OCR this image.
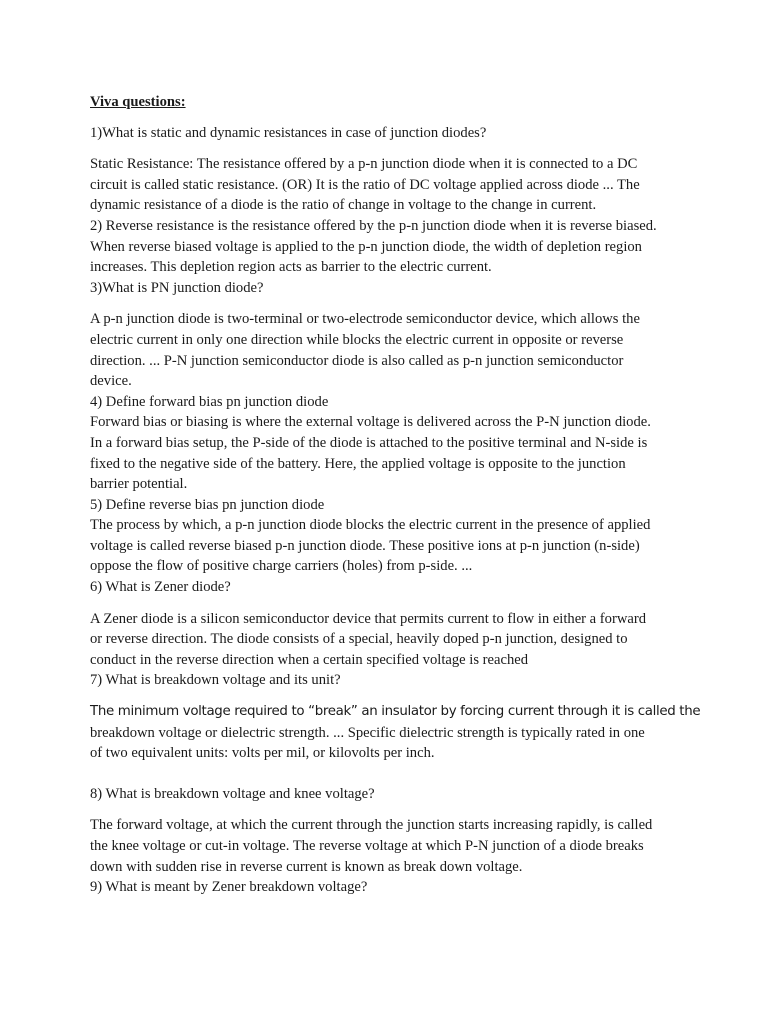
Viva questions:
1)What is static and dynamic resistances in case of junction diodes?
Static Resistance: The resistance offered by a p-n junction diode when it is connected to a DC
circuit is called static resistance. (OR) It is the ratio of DC voltage applied across diode ... The
dynamic resistance of a diode is the ratio of change in voltage to the change in current.
2) Reverse resistance is the resistance offered by the p-n junction diode when it is reverse biased.
When reverse biased voltage is applied to the p-n junction diode, the width of depletion region
increases. This depletion region acts as barrier to the electric current.
3)What is PN junction diode?
A p-n junction diode is two-terminal or two-electrode semiconductor device, which allows the
electric current in only one direction while blocks the electric current in opposite or reverse
direction. ... P-N junction semiconductor diode is also called as p-n junction semiconductor
device.
4) Define forward bias pn junction diode
Forward bias or biasing is where the external voltage is delivered across the P-N junction diode.
In a forward bias setup, the P-side of the diode is attached to the positive terminal and N-side is
fixed to the negative side of the battery. Here, the applied voltage is opposite to the junction
barrier potential.
5) Define reverse bias pn junction diode
The process by which, a p-n junction diode blocks the electric current in the presence of applied
voltage is called reverse biased p-n junction diode. These positive ions at p-n junction (n-side)
oppose the flow of positive charge carriers (holes) from p-side. ...
6) What is Zener diode?
A Zener diode is a silicon semiconductor device that permits current to flow in either a forward
or reverse direction. The diode consists of a special, heavily doped p-n junction, designed to
conduct in the reverse direction when a certain specified voltage is reached
7) What is breakdown voltage and its unit?
The minimum voltage required to “break” an insulator by forcing current through it is called the
breakdown voltage or dielectric strength. ... Specific dielectric strength is typically rated in one
of two equivalent units: volts per mil, or kilovolts per inch.
8) What is breakdown voltage and knee voltage?
The forward voltage, at which the current through the junction starts increasing rapidly, is called
the knee voltage or cut-in voltage. The reverse voltage at which P-N junction of a diode breaks
down with sudden rise in reverse current is known as break down voltage.
9) What is meant by Zener breakdown voltage?
